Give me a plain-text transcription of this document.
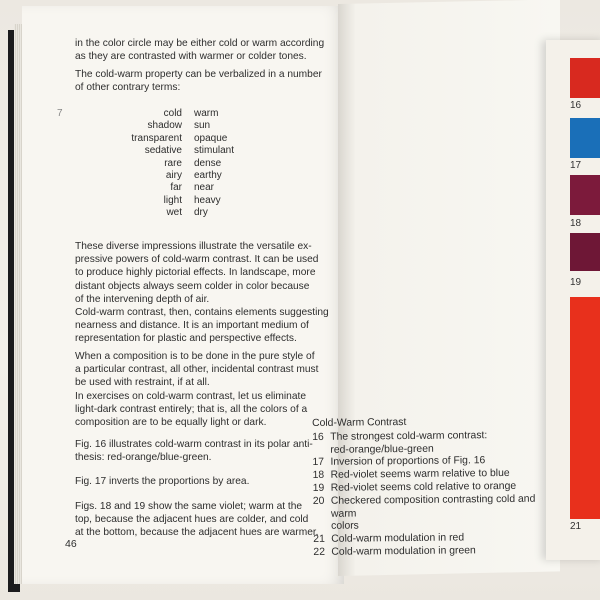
16
17
18
19
21

in the color circle may be either cold or warm according

as they are contrasted with warmer or colder tones.

The cold-warm property can be verbalized in a number

of other contrary terms:

7	cold
shadow
transparent
sedative
rare
airy
far
light
wet
warm
sun
opaque
stimulant
dense
earthy
near
heavy
dry

These diverse impressions illustrate the versatile ex-

pressive powers of cold-warm contrast. It can be used

to produce highly pictorial effects. In landscape, more

distant objects always seem colder in color because

of the intervening depth of air.

Cold-warm contrast, then, contains elements suggesting

nearness and distance. It is an important medium of

representation for plastic and perspective effects.

When a composition is to be done in the pure style of

a particular contrast, all other, incidental contrast must

be used with restraint, if at all.

In exercises on cold-warm contrast, let us eliminate

light-dark contrast entirely; that is, all the colors of a

composition are to be equally light or dark.

Fig. 16 illustrates cold-warm contrast in its polar anti-

thesis: red-orange/blue-green.

Fig. 17 inverts the proportions by area.

Figs. 18 and 19 show the same violet; warm at the

top, because the adjacent hues are colder, and cold

at the bottom, because the adjacent hues are warmer.

46
Cold-Warm Contrast
16 The strongest cold-warm contrast:
red-orange/blue-green
17 Inversion of proportions of Fig. 16
18 Red-violet seems warm relative to blue
19 Red-violet seems cold relative to orange
20 Checkered composition contrasting cold and warm
colors
21 Cold-warm modulation in red
22 Cold-warm modulation in green
